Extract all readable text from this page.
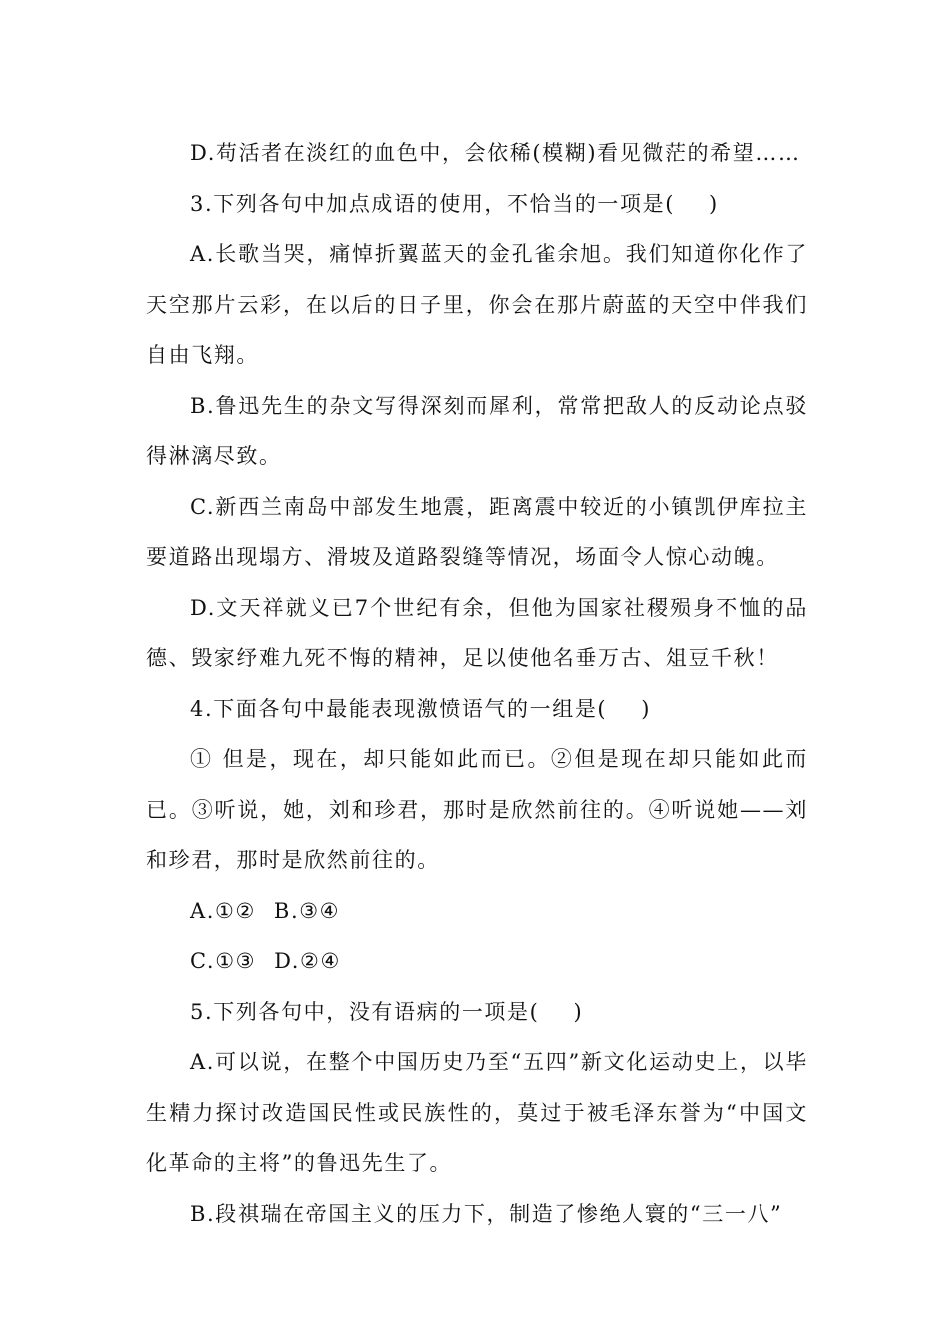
D.苟活者在淡红的血色中，会依稀(模糊)看见微茫的希望……

3.下列各句中加点成语的使用，不恰当的一项是( )

A.长歌当哭，痛悼折翼蓝天的金孔雀余旭。我们知道你化作了天空那片云彩，在以后的日子里，你会在那片蔚蓝的天空中伴我们自由飞翔。

B.鲁迅先生的杂文写得深刻而犀利，常常把敌人的反动论点驳得淋漓尽致。

C.新西兰南岛中部发生地震，距离震中较近的小镇凯伊库拉主要道路出现塌方、滑坡及道路裂缝等情况，场面令人惊心动魄。

D.文天祥就义已7个世纪有余，但他为国家社稷殒身不恤的品德、毁家纾难九死不悔的精神，足以使他名垂万古、俎豆千秋！

4.下面各句中最能表现激愤语气的一组是( )

① 但是，现在，却只能如此而已。②但是现在却只能如此而已。③听说，她，刘和珍君，那时是欣然前往的。④听说她——刘和珍君，那时是欣然前往的。

A.①② B.③④

C.①③ D.②④

5.下列各句中，没有语病的一项是( )

A.可以说，在整个中国历史乃至“五四”新文化运动史上，以毕生精力探讨改造国民性或民族性的，莫过于被毛泽东誉为“中国文化革命的主将”的鲁迅先生了。

B.段祺瑞在帝国主义的压力下，制造了惨绝人寰的“三一八”
